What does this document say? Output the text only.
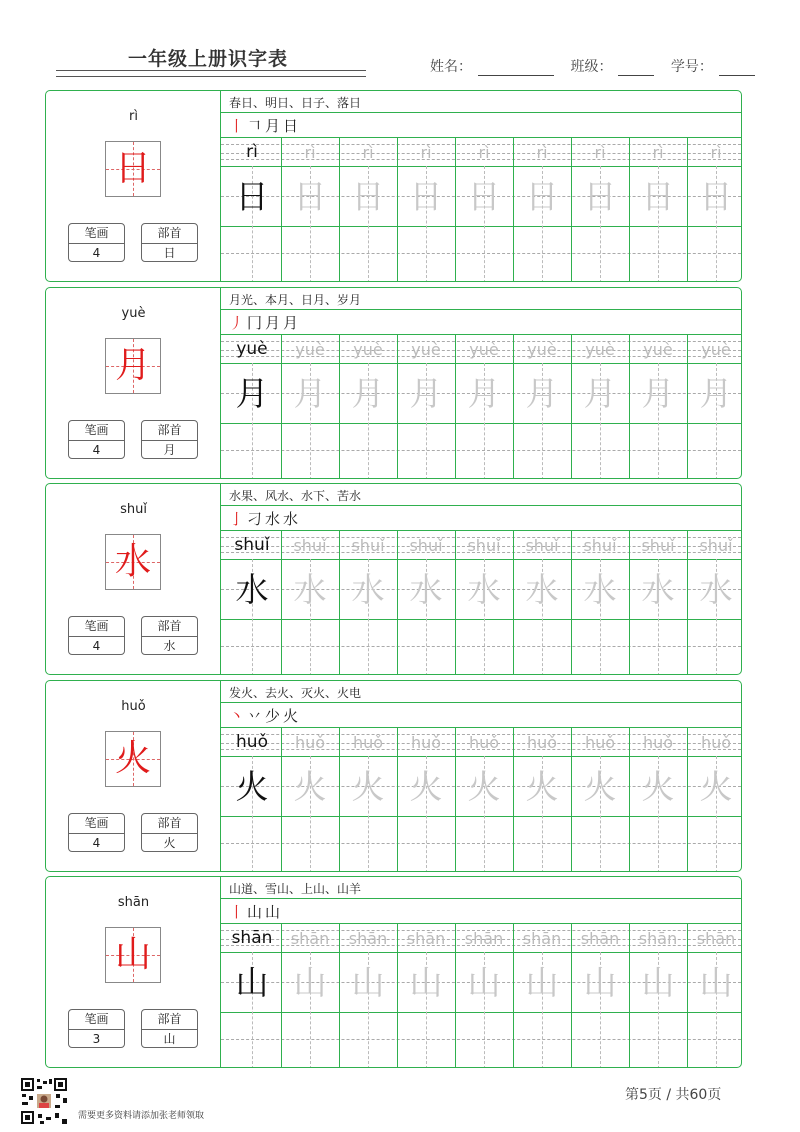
一年级上册识字表	姓名：	班级：	学号：
rì
日
笔画
4
部首
日
春日、明日、日子、落日
丨𠃍月日
rì
日
rì
日
rì
日
rì
日
rì
日
rì
日
rì
日
rì
日
rì
日
yuè
月
笔画
4
部首
月
月光、本月、日月、岁月
丿冂月月
yuè
月
yuè
月
yuè
月
yuè
月
yuè
月
yuè
月
yuè
月
yuè
月
yuè
月
shuǐ
水
笔画
4
部首
水
水果、风水、水下、苦水
亅刁水水
shuǐ
水
shuǐ
水
shuǐ
水
shuǐ
水
shuǐ
水
shuǐ
水
shuǐ
水
shuǐ
水
shuǐ
水
huǒ
火
笔画
4
部首
火
发火、去火、灭火、火电
丶丷少火
huǒ
火
huǒ
火
huǒ
火
huǒ
火
huǒ
火
huǒ
火
huǒ
火
huǒ
火
huǒ
火
shān
山
笔画
3
部首
山
山道、雪山、上山、山羊
丨山山
shān
山
shān
山
shān
山
shān
山
shān
山
shān
山
shān
山
shān
山
shān
山
需要更多资料请添加张老师领取
第5页 / 共60页
